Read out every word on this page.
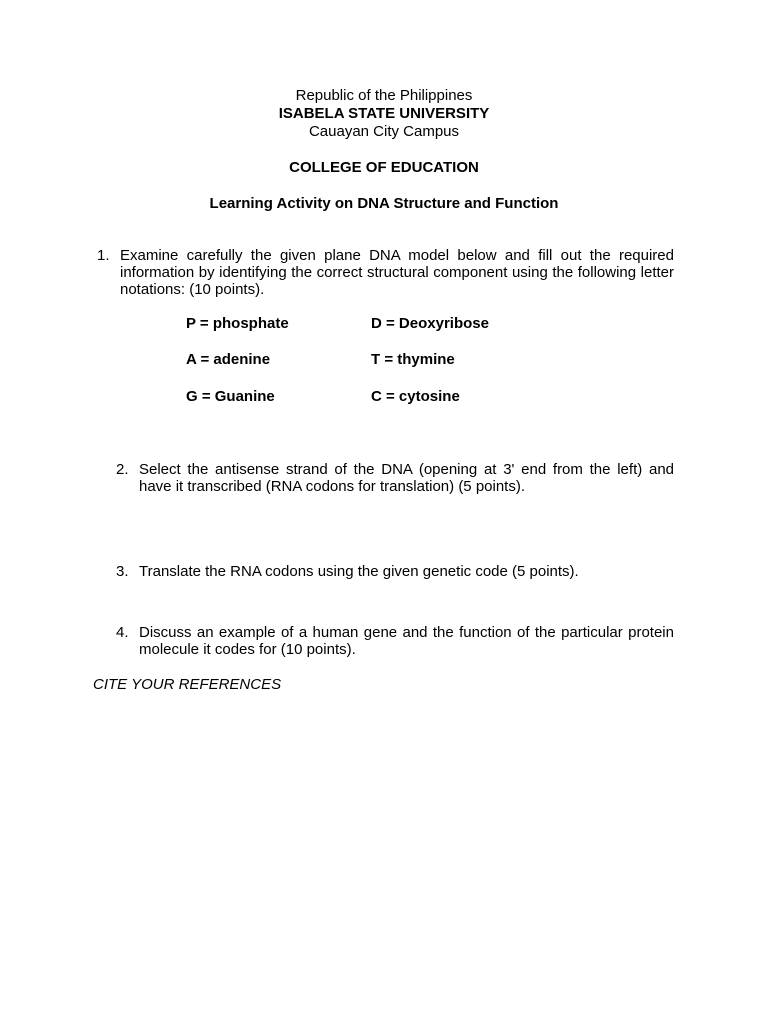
Republic of the Philippines
ISABELA STATE UNIVERSITY
Cauayan City Campus
COLLEGE OF EDUCATION
Learning Activity on DNA Structure and Function
1. Examine carefully the given plane DNA model below and fill out the required information by identifying the correct structural component using the following letter notations: (10 points).
P = phosphate	D = Deoxyribose
A = adenine	T = thymine
G = Guanine	C = cytosine
2. Select the antisense strand of the DNA (opening at 3' end from the left) and have it transcribed (RNA codons for translation) (5 points).
3. Translate the RNA codons using the given genetic code (5 points).
4. Discuss an example of a human gene and the function of the particular protein molecule it codes for (10 points).
CITE YOUR REFERENCES
